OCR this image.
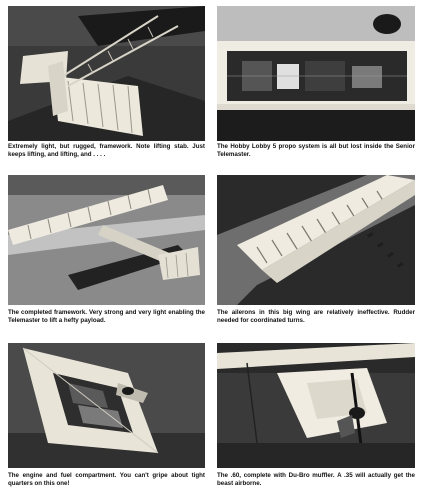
Extremely light, but rugged, framework. Note lifting stab. Just keeps lifting, and lifting, and . . . .

The Hobby Lobby 5 propo system is all but lost inside the Senior Telemaster.

The completed framework. Very strong and very light enabling the Telemaster to lift a hefty payload.

The ailerons in this big wing are relatively ineffective. Rudder needed for coordinated turns.

The engine and fuel compartment. You can't gripe about tight quarters on this one!

The .60, complete with Du-Bro muffler. A .35 will actually get the beast airborne.
